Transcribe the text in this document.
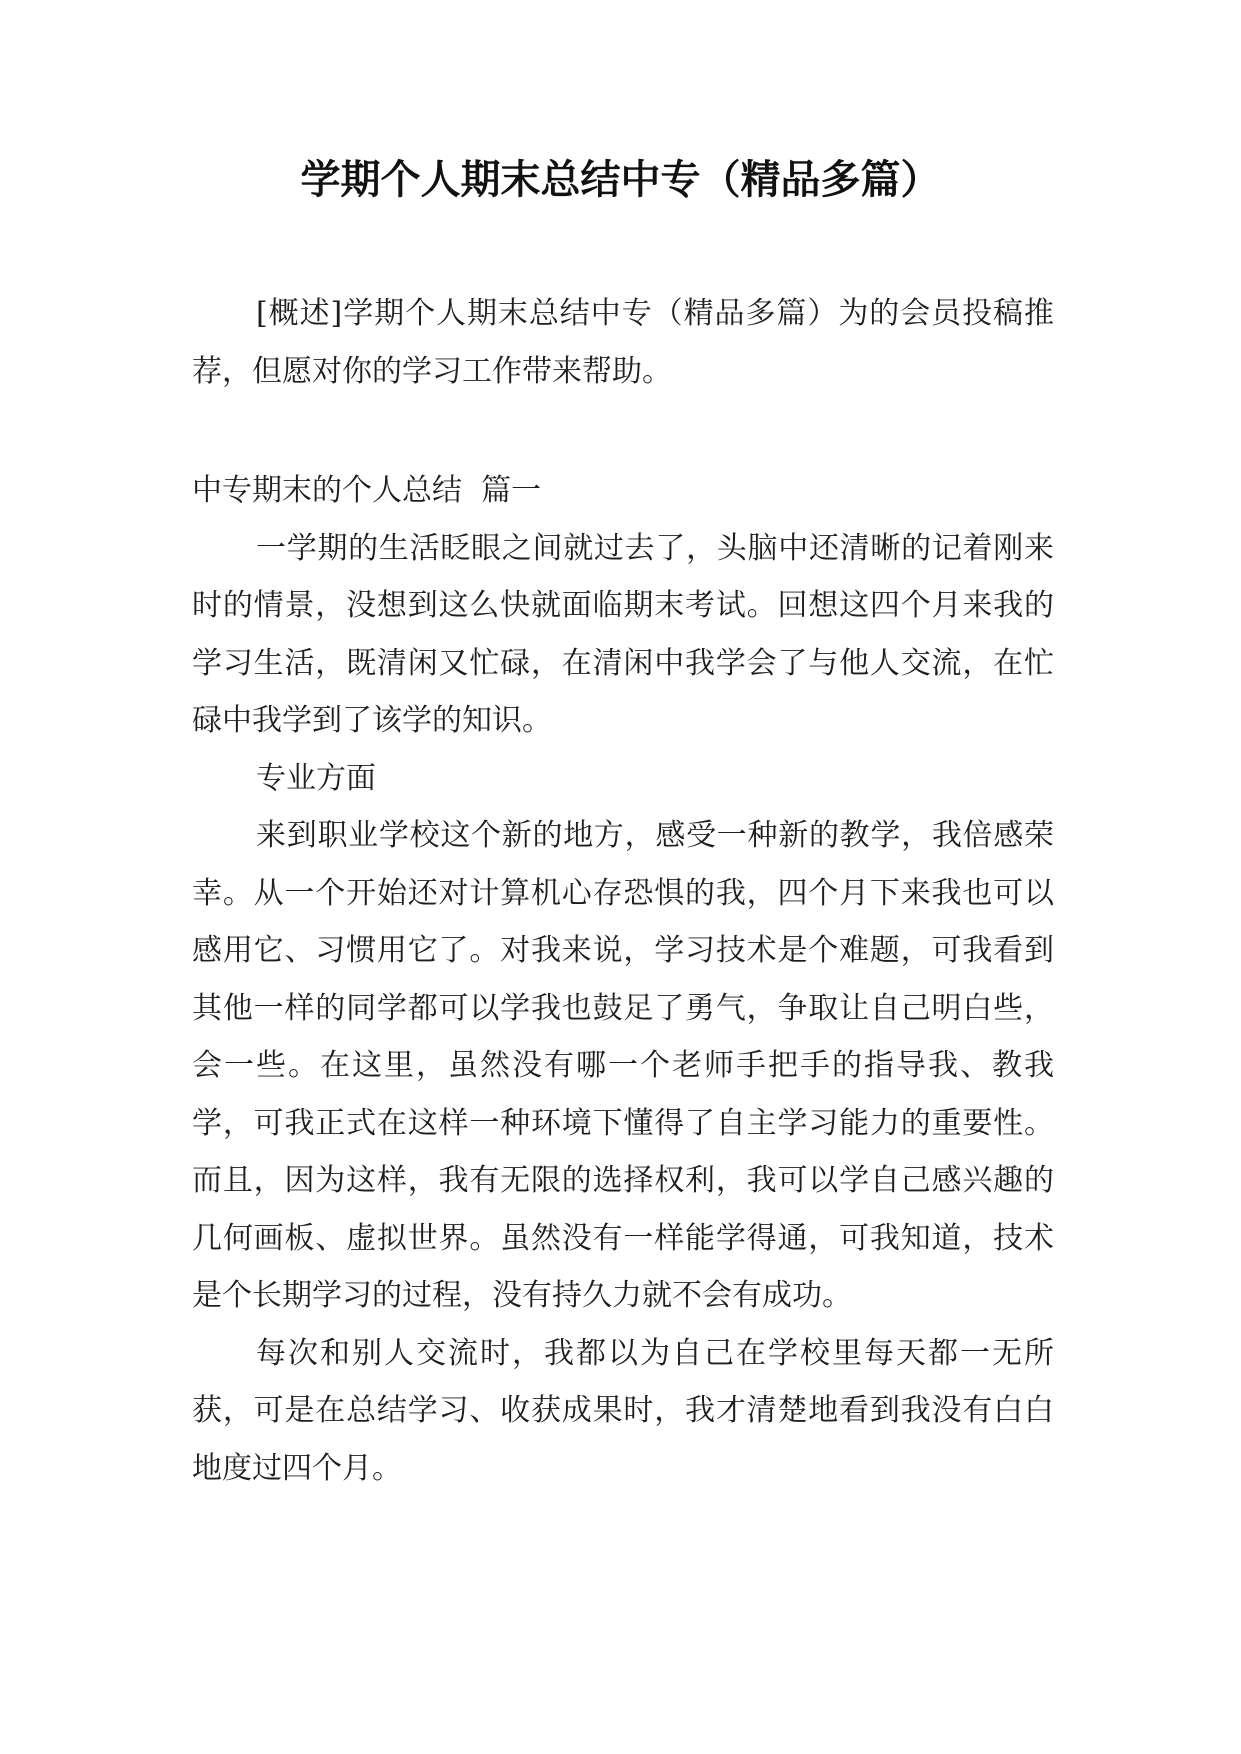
学期个人期末总结中专（精品多篇）

[概述]学期个人期末总结中专（精品多篇）为的会员投稿推荐，但愿对你的学习工作带来帮助。

中专期末的个人总结  篇一

一学期的生活眨眼之间就过去了，头脑中还清晰的记着刚来时的情景，没想到这么快就面临期末考试。回想这四个月来我的学习生活，既清闲又忙碌，在清闲中我学会了与他人交流，在忙碌中我学到了该学的知识。

专业方面

来到职业学校这个新的地方，感受一种新的教学，我倍感荣幸。从一个开始还对计算机心存恐惧的我，四个月下来我也可以感用它、习惯用它了。对我来说，学习技术是个难题，可我看到其他一样的同学都可以学我也鼓足了勇气，争取让自己明白些，会一些。在这里，虽然没有哪一个老师手把手的指导我、教我学，可我正式在这样一种环境下懂得了自主学习能力的重要性。而且，因为这样，我有无限的选择权利，我可以学自己感兴趣的几何画板、虚拟世界。虽然没有一样能学得通，可我知道，技术是个长期学习的过程，没有持久力就不会有成功。

每次和别人交流时，我都以为自己在学校里每天都一无所获，可是在总结学习、收获成果时，我才清楚地看到我没有白白地度过四个月。
